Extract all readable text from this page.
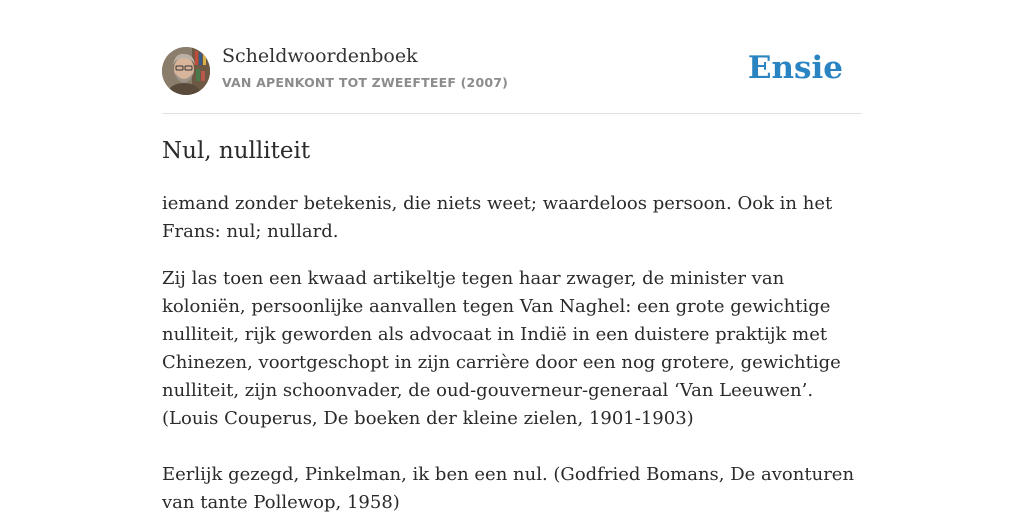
Scheldwoordenboek
VAN APENKONT TOT ZWEEFTEEF (2007)	Ensie
Nul, nulliteit

iemand zonder betekenis, die niets weet; waardeloos persoon. Ook in het Frans: nul; nullard.

Zij las toen een kwaad artikeltje tegen haar zwager, de minister van koloniën, persoonlijke aanvallen tegen Van Naghel: een grote gewichtige nulliteit, rijk geworden als advocaat in Indië in een duistere praktijk met Chinezen, voortgeschopt in zijn carrière door een nog grotere, gewichtige nulliteit, zijn schoonvader, de oud-gouverneur-generaal ‘Van Leeuwen’. (Louis Couperus, De boeken der kleine zielen, 1901-1903)

Eerlijk gezegd, Pinkelman, ik ben een nul. (Godfried Bomans, De avonturen van tante Pollewop, 1958)
